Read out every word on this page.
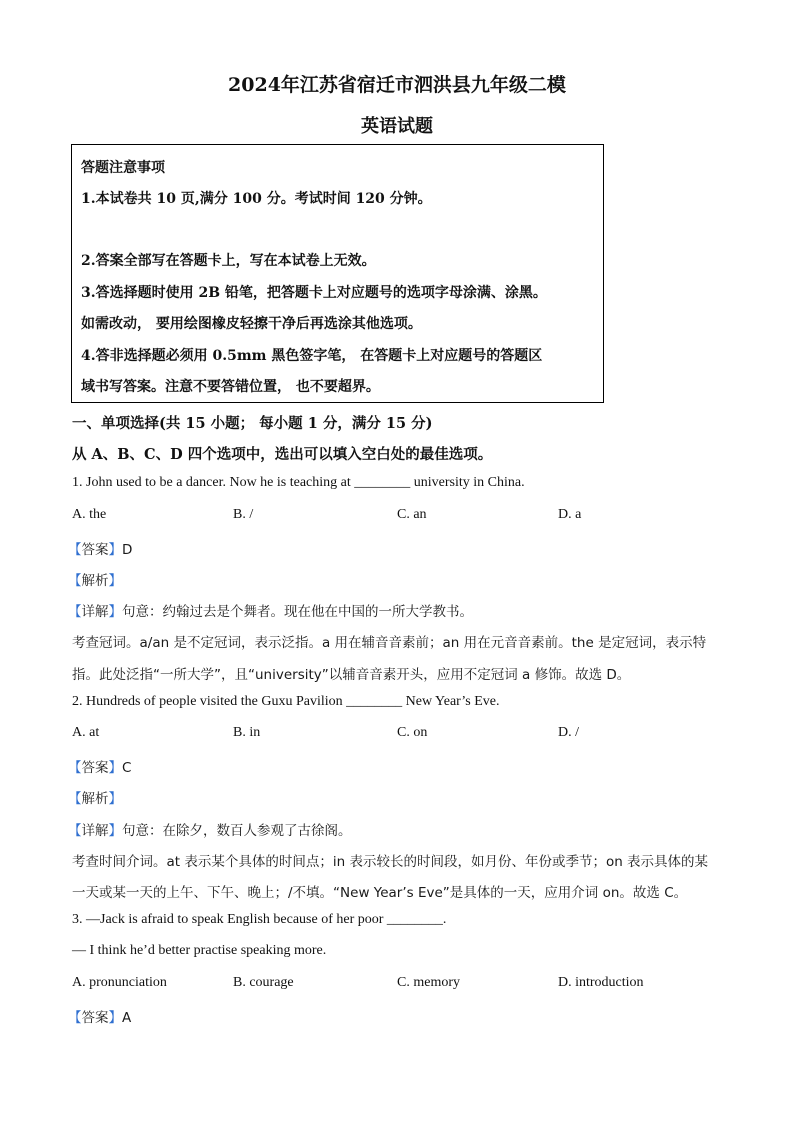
2024年江苏省宿迁市泗洪县九年级二模
英语试题
答题注意事项
1.本试卷共 10 页,满分 100 分。考试时间 120 分钟。
2.答案全部写在答题卡上，写在本试卷上无效。
3.答选择题时使用 2B 铅笔，把答题卡上对应题号的选项字母涂满、涂黑。
如需改动， 要用绘图橡皮轻擦干净后再选涂其他选项。
4.答非选择题必须用 0.5mm 黑色签字笔， 在答题卡上对应题号的答题区
域书写答案。注意不要答错位置， 也不要超界。
一、单项选择(共 15 小题； 每小题 1 分，满分 15 分)
从 A、B、C、D 四个选项中，选出可以填入空白处的最佳选项。
1. John used to be a dancer. Now he is teaching at ________ university in China.
A. the	B. /	C. an	D. a
【答案】D
【解析】
【详解】句意：约翰过去是个舞者。现在他在中国的一所大学教书。
考查冠词。a/an 是不定冠词，表示泛指。a 用在辅音音素前；an 用在元音音素前。the 是定冠词，表示特
指。此处泛指“一所大学”，且“university”以辅音音素开头，应用不定冠词 a 修饰。故选 D。
2. Hundreds of people visited the Guxu Pavilion ________ New Year’s Eve.
A. at	B. in	C. on	D. /
【答案】C
【解析】
【详解】句意：在除夕，数百人参观了古徐阁。
考查时间介词。at 表示某个具体的时间点；in 表示较长的时间段，如月份、年份或季节；on 表示具体的某
一天或某一天的上午、下午、晚上；/不填。“New Year’s Eve”是具体的一天，应用介词 on。故选 C。
3. —Jack is afraid to speak English because of her poor ________.
— I think he’d better practise speaking more.
A. pronunciation	B. courage	C. memory	D. introduction
【答案】A
